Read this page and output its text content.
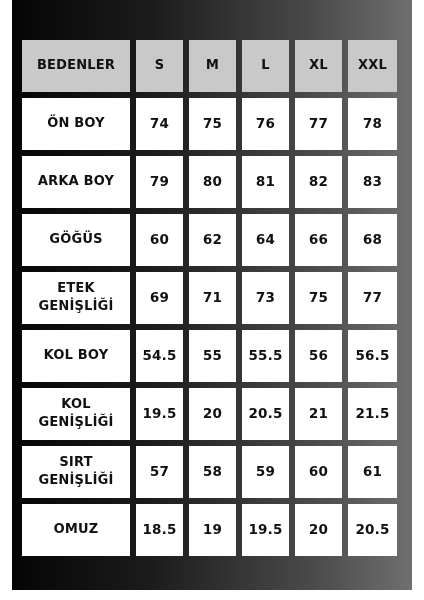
BEDENLER	S	M	L	XL	XXL
ÖN BOY	74	75	76	77	78
ARKA BOY	79	80	81	82	83
GÖĞÜS	60	62	64	66	68
ETEK
GENİŞLİĞİ
69	71	73	75	77
KOL BOY	54.5	55	55.5	56	56.5
KOL
GENİŞLİĞİ
19.5	20	20.5	21	21.5
SIRT
GENİŞLİĞİ
57	58	59	60	61
OMUZ	18.5	19	19.5	20	20.5
